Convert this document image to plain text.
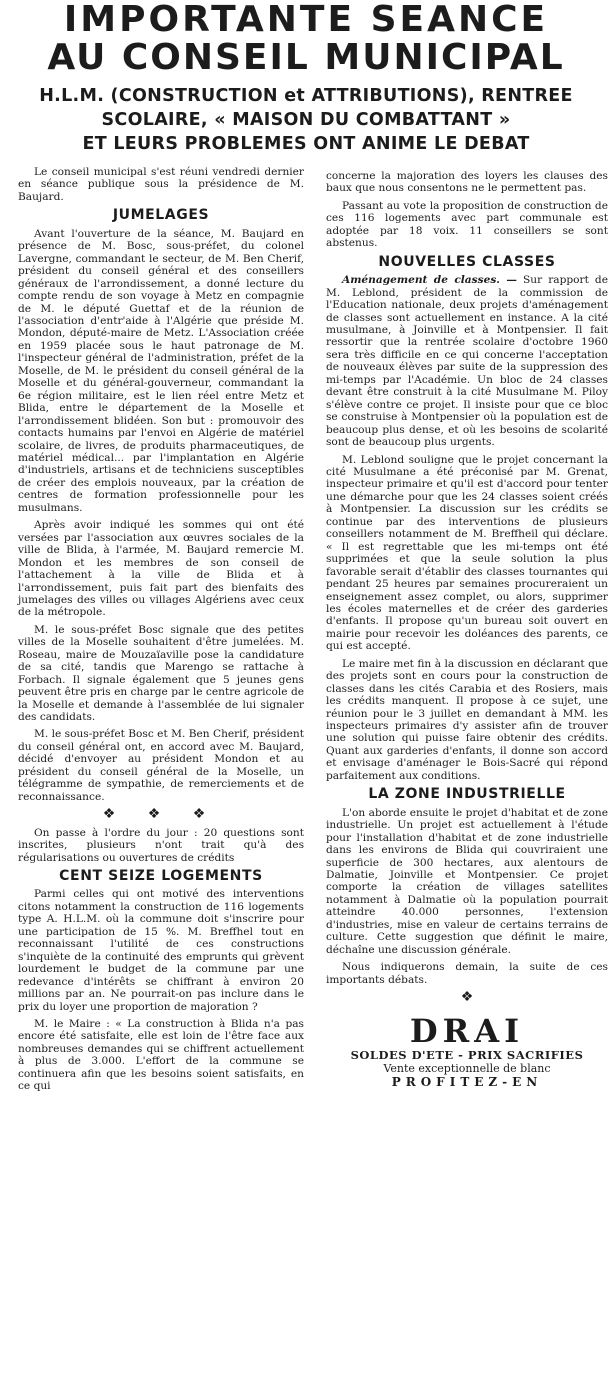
IMPORTANTE SEANCE
AU CONSEIL MUNICIPAL
H.L.M. (CONSTRUCTION et ATTRIBUTIONS), RENTREE
SCOLAIRE, « MAISON DU COMBATTANT »
ET LEURS PROBLEMES ONT ANIME LE DEBAT

Le conseil municipal s'est réuni vendredi dernier en séance publique sous la présidence de M. Baujard.

JUMELAGES

Avant l'ouverture de la séance, M. Baujard en présence de M. Bosc, sous-préfet, du colonel Lavergne, commandant le secteur, de M. Ben Cherif, président du conseil général et des conseillers généraux de l'arrondissement, a donné lecture du compte rendu de son voyage à Metz en compagnie de M. le député Guettaf et de la réunion de l'association d'entr'aide à l'Algérie que préside M. Mondon, député-maire de Metz. L'Association créée en 1959 placée sous le haut patronage de M. l'inspecteur général de l'administration, préfet de la Moselle, de M. le président du conseil général de la Moselle et du général-gouverneur, commandant la 6e région militaire, est le lien réel entre Metz et Blida, entre le département de la Moselle et l'arrondissement blidéen. Son but : promouvoir des contacts humains par l'envoi en Algérie de matériel scolaire, de livres, de produits pharmaceutiques, de matériel médical... par l'implantation en Algérie d'industriels, artisans et de techniciens susceptibles de créer des emplois nouveaux, par la création de centres de formation professionnelle pour les musulmans.

Après avoir indiqué les sommes qui ont été versées par l'association aux œuvres sociales de la ville de Blida, à l'armée, M. Baujard remercie M. Mondon et les membres de son conseil de l'attachement à la ville de Blida et à l'arrondissement, puis fait part des bienfaits des jumelages des villes ou villages Algériens avec ceux de la métropole.

M. le sous-préfet Bosc signale que des petites villes de la Moselle souhaitent d'être jumelées. M. Roseau, maire de Mouzaïaville pose la candidature de sa cité, tandis que Marengo se rattache à Forbach. Il signale également que 5 jeunes gens peuvent être pris en charge par le centre agricole de la Moselle et demande à l'assemblée de lui signaler des candidats.

M. le sous-préfet Bosc et M. Ben Cherif, président du conseil général ont, en accord avec M. Baujard, décidé d'envoyer au président Mondon et au président du conseil général de la Moselle, un télégramme de sympathie, de remerciements et de reconnaissance.

❖ ❖ ❖

On passe à l'ordre du jour : 20 questions sont inscrites, plusieurs n'ont trait qu'à des régularisations ou ouvertures de crédits

CENT SEIZE LOGEMENTS

Parmi celles qui ont motivé des interventions citons notamment la construction de 116 logements type A. H.L.M. où la commune doit s'inscrire pour une participation de 15 %. M. Breffhel tout en reconnaissant l'utilité de ces constructions s'inquiète de la continuité des emprunts qui grèvent lourdement le budget de la commune par une redevance d'intérêts se chiffrant à environ 20 millions par an. Ne pourrait-on pas inclure dans le prix du loyer une proportion de majoration ?

M. le Maire : « La construction à Blida n'a pas encore été satisfaite, elle est loin de l'être face aux nombreuses demandes qui se chiffrent actuellement à plus de 3.000. L'effort de la commune se continuera afin que les besoins soient satisfaits, en ce qui

concerne la majoration des loyers les clauses des baux que nous consentons ne le permettent pas.

Passant au vote la proposition de construction de ces 116 logements avec part communale est adoptée par 18 voix. 11 conseillers se sont abstenus.

NOUVELLES CLASSES

Aménagement de classes. — Sur rapport de M. Leblond, président de la commission de l'Education nationale, deux projets d'aménagement de classes sont actuellement en instance. A la cité musulmane, à Joinville et à Montpensier. Il fait ressortir que la rentrée scolaire d'octobre 1960 sera très difficile en ce qui concerne l'acceptation de nouveaux élèves par suite de la suppression des mi-temps par l'Académie. Un bloc de 24 classes devant être construit à la cité Musulmane M. Piloy s'élève contre ce projet. Il insiste pour que ce bloc se construise à Montpensier où la population est de beaucoup plus dense, et où les besoins de scolarité sont de beaucoup plus urgents.

M. Leblond souligne que le projet concernant la cité Musulmane a été préconisé par M. Grenat, inspecteur primaire et qu'il est d'accord pour tenter une démarche pour que les 24 classes soient créés à Montpensier. La discussion sur les crédits se continue par des interventions de plusieurs conseillers notamment de M. Breffheil qui déclare. « Il est regrettable que les mi-temps ont été supprimées et que la seule solution la plus favorable serait d'établir des classes tournantes qui pendant 25 heures par semaines procureraient un enseignement assez complet, ou alors, supprimer les écoles maternelles et de créer des garderies d'enfants. Il propose qu'un bureau soit ouvert en mairie pour recevoir les doléances des parents, ce qui est accepté.

Le maire met fin à la discussion en déclarant que des projets sont en cours pour la construction de classes dans les cités Carabia et des Rosiers, mais les crédits manquent. Il propose à ce sujet, une réunion pour le 3 juillet en demandant à MM. les inspecteurs primaires d'y assister afin de trouver une solution qui puisse faire obtenir des crédits. Quant aux garderies d'enfants, il donne son accord et envisage d'aménager le Bois-Sacré qui répond parfaitement aux conditions.

LA ZONE INDUSTRIELLE

L'on aborde ensuite le projet d'habitat et de zone industrielle. Un projet est actuellement à l'étude pour l'installation d'habitat et de zone industrielle dans les environs de Blida qui couvriraient une superficie de 300 hectares, aux alentours de Dalmatie, Joinville et Montpensier. Ce projet comporte la création de villages satellites notamment à Dalmatie où la population pourrait atteindre 40.000 personnes, l'extension d'industries, mise en valeur de certains terrains de culture. Cette suggestion que définit le maire, déchaîne une discussion générale.

Nous indiquerons demain, la suite de ces importants débats.

❖
DRAI
SOLDES D'ETE - PRIX SACRIFIES
Vente exceptionnelle de blanc
PROFITEZ-EN
